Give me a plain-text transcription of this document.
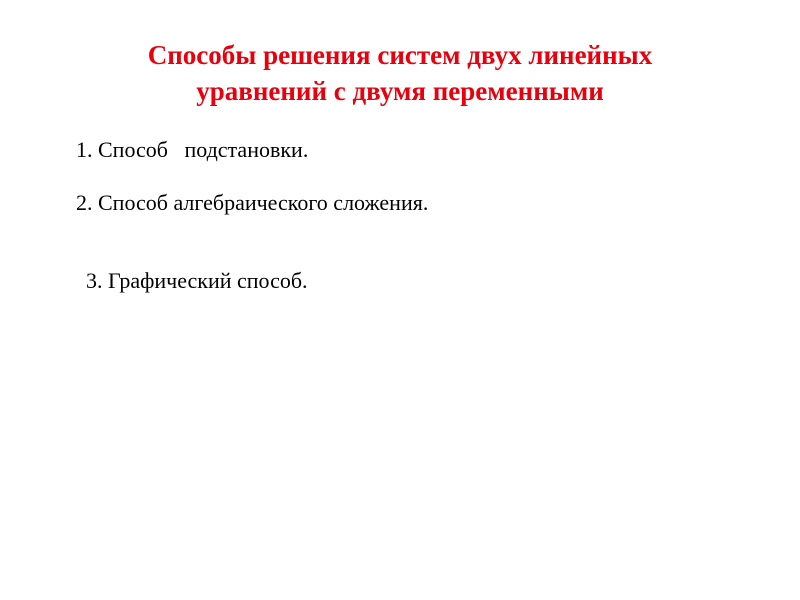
Способы решения систем двух линейных
уравнений с двумя переменными
1. Способ   подстановки.
2. Способ алгебраического сложения.
3. Графический способ.
